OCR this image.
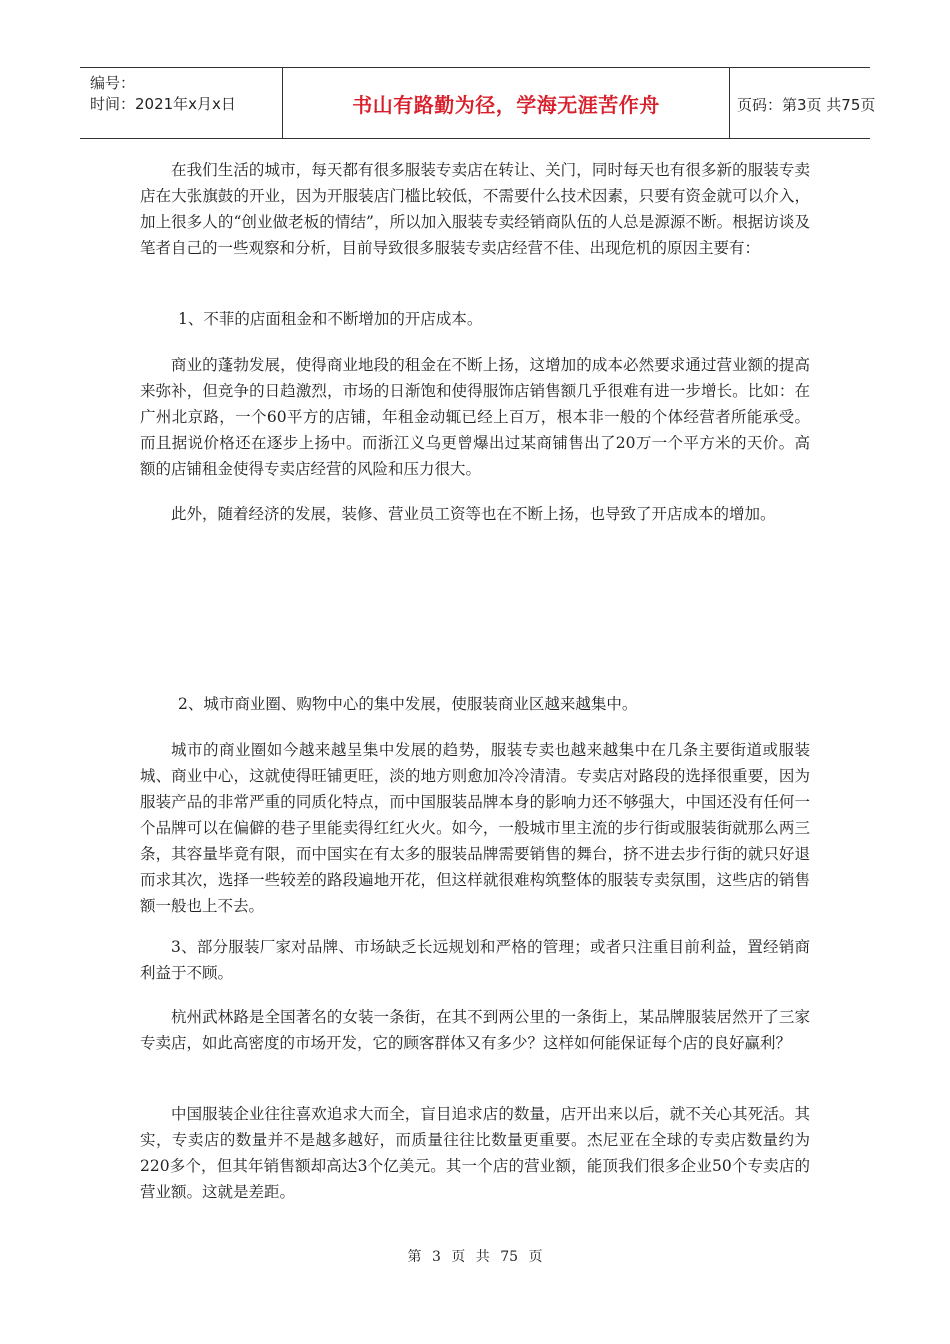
编号：
时间：2021年x月x日	书山有路勤为径，学海无涯苦作舟	页码：第3页 共75页

在我们生活的城市，每天都有很多服装专卖店在转让、关门，同时每天也有很多新的服装专卖店在大张旗鼓的开业，因为开服装店门槛比较低，不需要什么技术因素，只要有资金就可以介入，加上很多人的“创业做老板的情结”，所以加入服装专卖经销商队伍的人总是源源不断。根据访谈及笔者自己的一些观察和分析，目前导致很多服装专卖店经营不佳、出现危机的原因主要有：

1、不菲的店面租金和不断增加的开店成本。

商业的蓬勃发展，使得商业地段的租金在不断上扬，这增加的成本必然要求通过营业额的提高来弥补，但竞争的日趋激烈，市场的日渐饱和使得服饰店销售额几乎很难有进一步增长。比如：在广州北京路，一个60平方的店铺，年租金动辄已经上百万，根本非一般的个体经营者所能承受。而且据说价格还在逐步上扬中。而浙江义乌更曾爆出过某商铺售出了20万一个平方米的天价。高额的店铺租金使得专卖店经营的风险和压力很大。

此外，随着经济的发展，装修、营业员工资等也在不断上扬，也导致了开店成本的增加。

2、城市商业圈、购物中心的集中发展，使服装商业区越来越集中。

城市的商业圈如今越来越呈集中发展的趋势，服装专卖也越来越集中在几条主要街道或服装城、商业中心，这就使得旺铺更旺，淡的地方则愈加冷冷清清。专卖店对路段的选择很重要，因为服装产品的非常严重的同质化特点，而中国服装品牌本身的影响力还不够强大，中国还没有任何一个品牌可以在偏僻的巷子里能卖得红红火火。如今，一般城市里主流的步行街或服装街就那么两三条，其容量毕竟有限，而中国实在有太多的服装品牌需要销售的舞台，挤不进去步行街的就只好退而求其次，选择一些较差的路段遍地开花，但这样就很难构筑整体的服装专卖氛围，这些店的销售额一般也上不去。

3、部分服装厂家对品牌、市场缺乏长远规划和严格的管理；或者只注重目前利益，置经销商利益于不顾。

杭州武林路是全国著名的女装一条街，在其不到两公里的一条街上，某品牌服装居然开了三家专卖店，如此高密度的市场开发，它的顾客群体又有多少？这样如何能保证每个店的良好赢利？

中国服装企业往往喜欢追求大而全，盲目追求店的数量，店开出来以后，就不关心其死活。其实，专卖店的数量并不是越多越好，而质量往往比数量更重要。杰尼亚在全球的专卖店数量约为220多个，但其年销售额却高达3个亿美元。其一个店的营业额，能顶我们很多企业50个专卖店的营业额。这就是差距。

第 3 页 共 75 页
